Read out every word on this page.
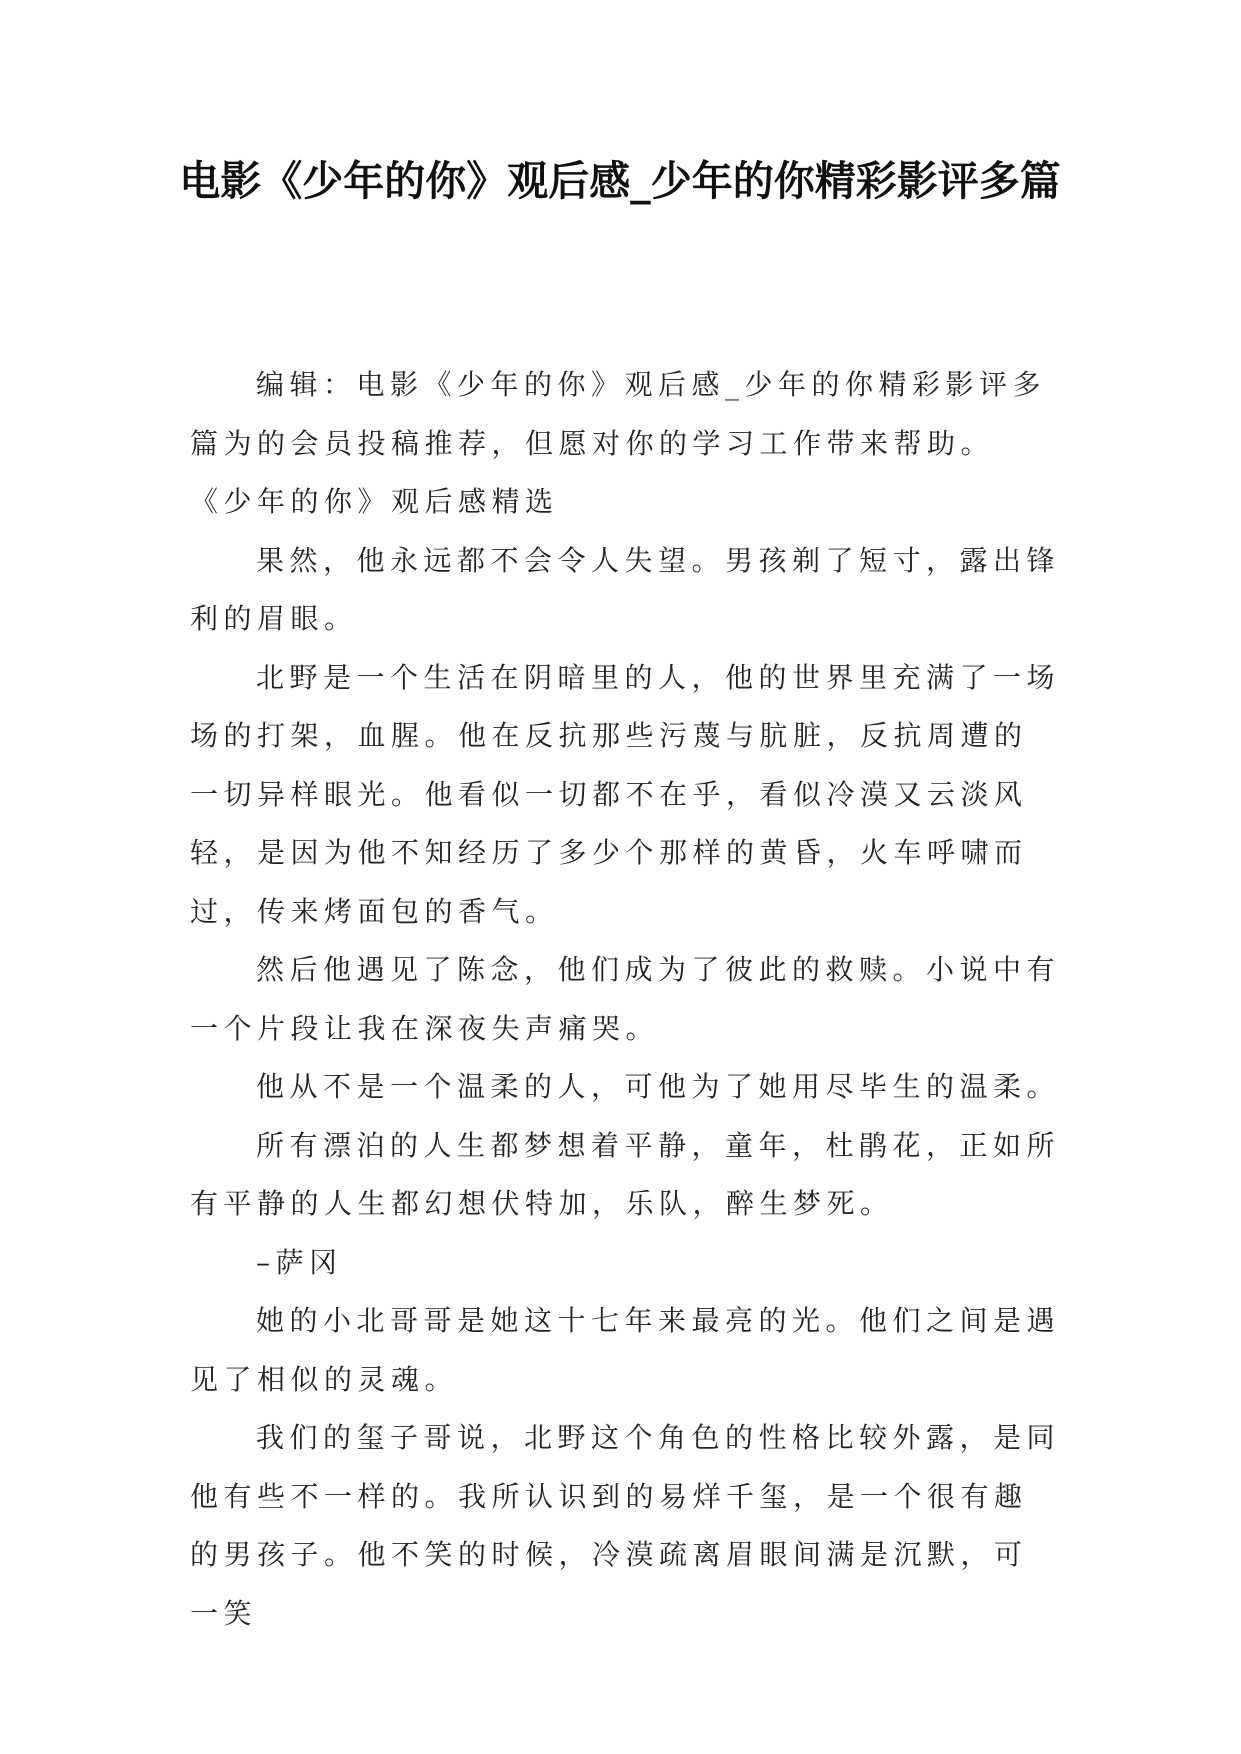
电影《少年的你》观后感_少年的你精彩影评多篇

编辑：电影《少年的你》观后感_少年的你精彩影评多篇为的会员投稿推荐，但愿对你的学习工作带来帮助。

《少年的你》观后感精选

果然，他永远都不会令人失望。男孩剃了短寸，露出锋利的眉眼。

北野是一个生活在阴暗里的人，他的世界里充满了一场场的打架，血腥。他在反抗那些污蔑与肮脏，反抗周遭的一切异样眼光。他看似一切都不在乎，看似冷漠又云淡风轻，是因为他不知经历了多少个那样的黄昏，火车呼啸而过，传来烤面包的香气。

然后他遇见了陈念，他们成为了彼此的救赎。小说中有一个片段让我在深夜失声痛哭。

他从不是一个温柔的人，可他为了她用尽毕生的温柔。

所有漂泊的人生都梦想着平静，童年，杜鹃花，正如所有平静的人生都幻想伏特加，乐队，醉生梦死。

–萨冈

她的小北哥哥是她这十七年来最亮的光。他们之间是遇见了相似的灵魂。

我们的玺子哥说，北野这个角色的性格比较外露，是同他有些不一样的。我所认识到的易烊千玺，是一个很有趣的男孩子。他不笑的时候，冷漠疏离眉眼间满是沉默，可一笑
